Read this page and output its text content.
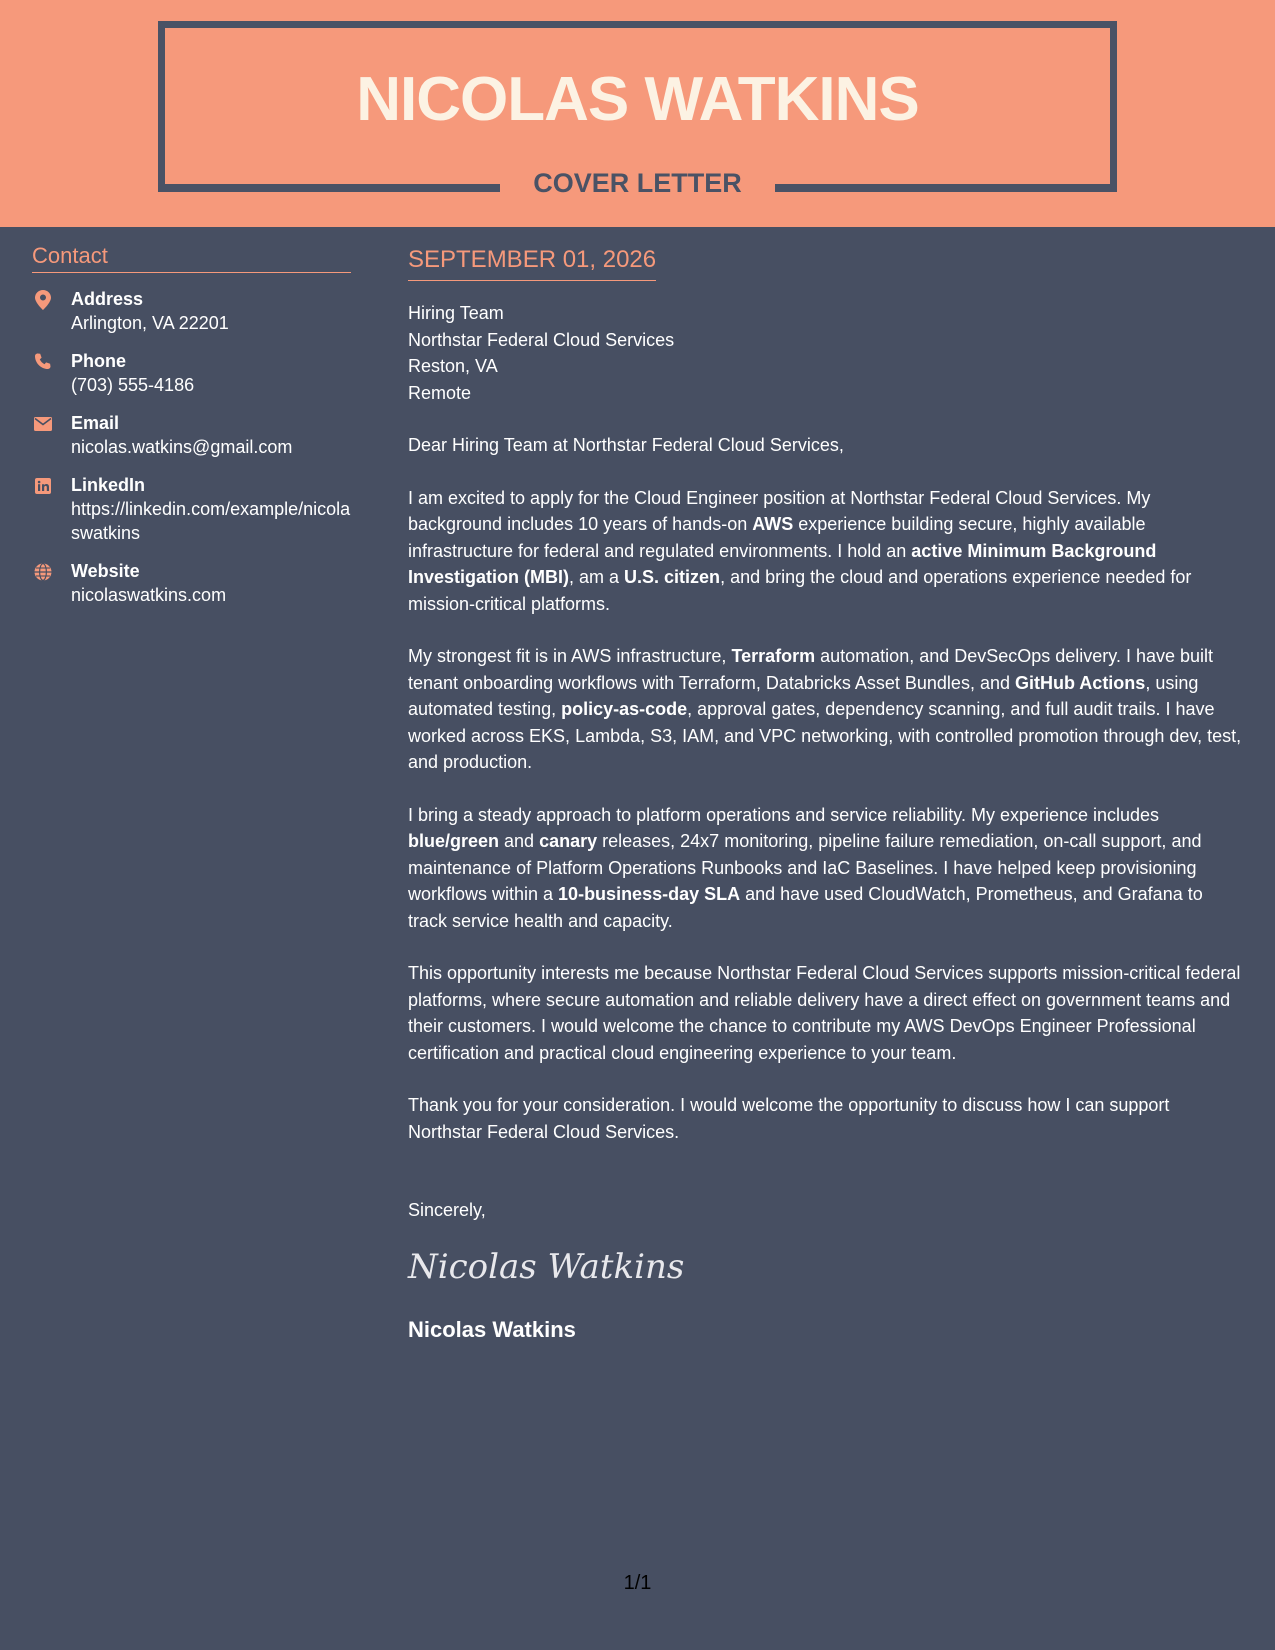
NICOLAS WATKINS
COVER LETTER
Contact
Address
Arlington, VA 22201
Phone
(703) 555-4186
Email
nicolas.watkins@gmail.com
LinkedIn
https://linkedin.com/example/nicolaswatkins
Website
nicolaswatkins.com
SEPTEMBER 01, 2026
Hiring Team
Northstar Federal Cloud Services
Reston, VA
Remote

Dear Hiring Team at Northstar Federal Cloud Services,

I am excited to apply for the Cloud Engineer position at Northstar Federal Cloud Services. My background includes 10 years of hands-on AWS experience building secure, highly available infrastructure for federal and regulated environments. I hold an active Minimum Background Investigation (MBI), am a U.S. citizen, and bring the cloud and operations experience needed for mission-critical platforms.

My strongest fit is in AWS infrastructure, Terraform automation, and DevSecOps delivery. I have built tenant onboarding workflows with Terraform, Databricks Asset Bundles, and GitHub Actions, using automated testing, policy-as-code, approval gates, dependency scanning, and full audit trails. I have worked across EKS, Lambda, S3, IAM, and VPC networking, with controlled promotion through dev, test, and production.

I bring a steady approach to platform operations and service reliability. My experience includes blue/green and canary releases, 24x7 monitoring, pipeline failure remediation, on-call support, and maintenance of Platform Operations Runbooks and IaC Baselines. I have helped keep provisioning workflows within a 10-business-day SLA and have used CloudWatch, Prometheus, and Grafana to track service health and capacity.

This opportunity interests me because Northstar Federal Cloud Services supports mission-critical federal platforms, where secure automation and reliable delivery have a direct effect on government teams and their customers. I would welcome the chance to contribute my AWS DevOps Engineer Professional certification and practical cloud engineering experience to your team.

Thank you for your consideration. I would welcome the opportunity to discuss how I can support Northstar Federal Cloud Services.

Sincerely,
Nicolas Watkins
Nicolas Watkins
1/1
